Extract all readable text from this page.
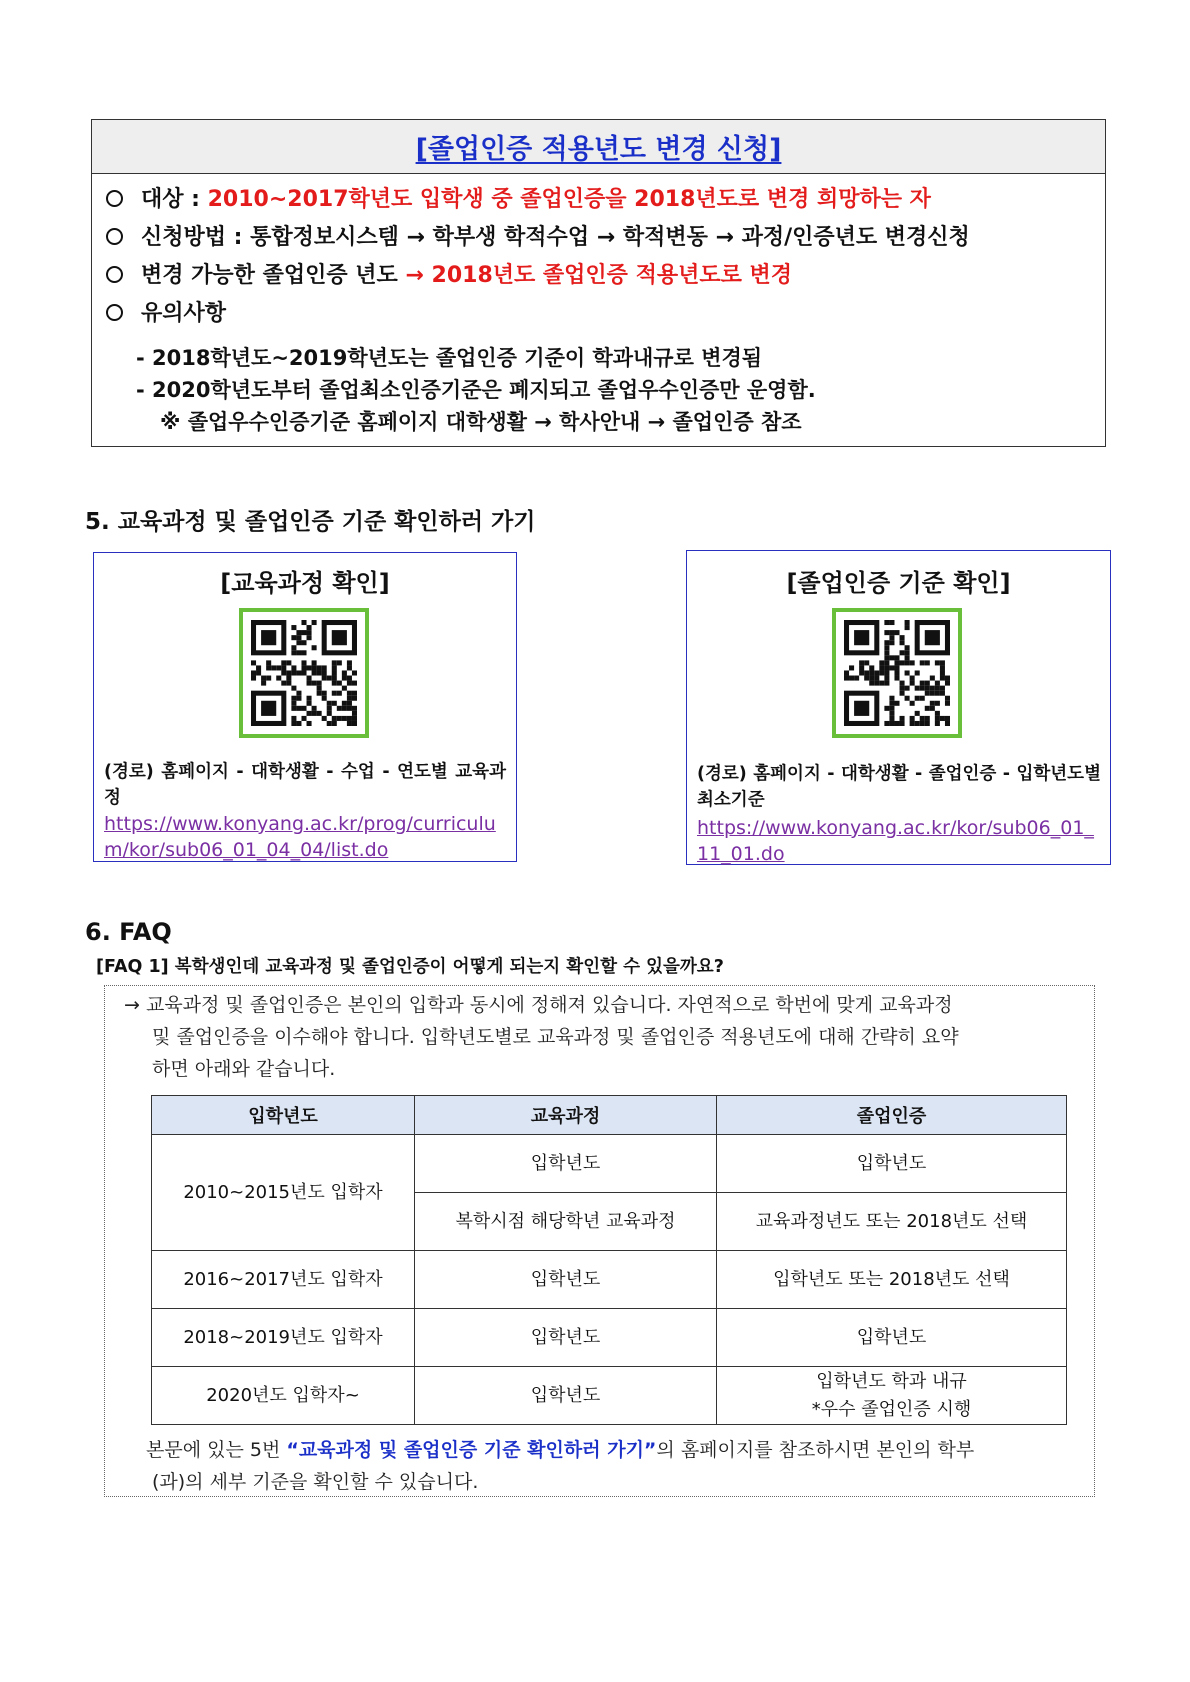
[졸업인증 적용년도 변경 신청]
대상 : 2010~2017학년도 입학생 중 졸업인증을 2018년도로 변경 희망하는 자
신청방법 : 통합정보시스템 → 학부생 학적수업 → 학적변동 → 과정/인증년도 변경신청
변경 가능한 졸업인증 년도 → 2018년도 졸업인증 적용년도로 변경
유의사항
- 2018학년도~2019학년도는 졸업인증 기준이 학과내규로 변경됨
- 2020학년도부터 졸업최소인증기준은 폐지되고 졸업우수인증만 운영함.
※ 졸업우수인증기준 홈페이지 대학생활 → 학사안내 → 졸업인증 참조
5. 교육과정 및 졸업인증 기준 확인하러 가기
[교육과정 확인]
(경로) 홈페이지 - 대학생활 - 수업 - 연도별 교육과정
https://www.konyang.ac.kr/prog/curriculum/kor/sub06_01_04_04/list.do
[졸업인증 기준 확인]
(경로) 홈페이지 - 대학생활 - 졸업인증 - 입학년도별 최소기준
https://www.konyang.ac.kr/kor/sub06_01_11_01.do
6. FAQ
[FAQ 1] 복학생인데 교육과정 및 졸업인증이 어떻게 되는지 확인할 수 있을까요?
→ 교육과정 및 졸업인증은 본인의 입학과 동시에 정해져 있습니다. 자연적으로 학번에 맞게 교육과정
및 졸업인증을 이수해야 합니다. 입학년도별로 교육과정 및 졸업인증 적용년도에 대해 간략히 요약
하면 아래와 같습니다.
입학년도	교육과정	졸업인증
2010~2015년도 입학자	입학년도	입학년도
	복학시점 해당학년 교육과정	교육과정년도 또는 2018년도 선택
2016~2017년도 입학자	입학년도	입학년도 또는 2018년도 선택
2018~2019년도 입학자	입학년도	입학년도
2020년도 입학자~	입학년도	입학년도 학과 내규
*우수 졸업인증 시행
본문에 있는 5번 “교육과정 및 졸업인증 기준 확인하러 가기”의 홈페이지를 참조하시면 본인의 학부
(과)의 세부 기준을 확인할 수 있습니다.
